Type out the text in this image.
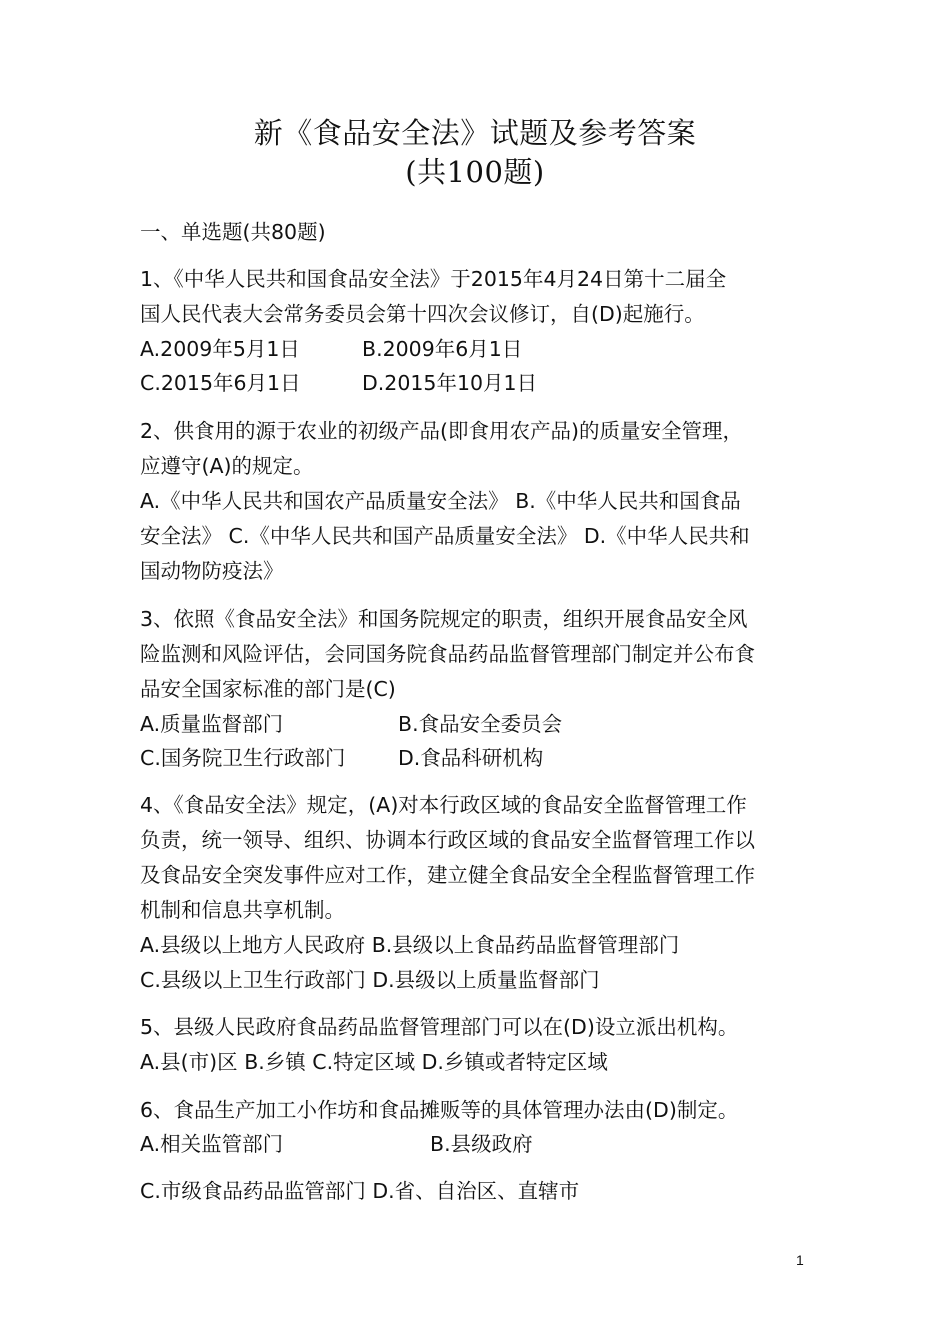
新《食品安全法》试题及参考答案
(共100题)
一、单选题(共80题)
1、《中华人民共和国食品安全法》于2015年4月24日第十二届全
国人民代表大会常务委员会第十四次会议修订，自(D)起施行。
A.2009年5月1日	B.2009年6月1日
C.2015年6月1日	D.2015年10月1日
2、供食用的源于农业的初级产品(即食用农产品)的质量安全管理，
应遵守(A)的规定。
A.《中华人民共和国农产品质量安全法》 B.《中华人民共和国食品
安全法》 C.《中华人民共和国产品质量安全法》 D.《中华人民共和
国动物防疫法》
3、依照《食品安全法》和国务院规定的职责，组织开展食品安全风
险监测和风险评估，会同国务院食品药品监督管理部门制定并公布食
品安全国家标准的部门是(C)
A.质量监督部门	B.食品安全委员会
C.国务院卫生行政部门	D.食品科研机构
4、《食品安全法》规定，(A)对本行政区域的食品安全监督管理工作
负责，统一领导、组织、协调本行政区域的食品安全监督管理工作以
及食品安全突发事件应对工作，建立健全食品安全全程监督管理工作
机制和信息共享机制。
A.县级以上地方人民政府 B.县级以上食品药品监督管理部门
C.县级以上卫生行政部门 D.县级以上质量监督部门
5、县级人民政府食品药品监督管理部门可以在(D)设立派出机构。
A.县(市)区 B.乡镇 C.特定区域 D.乡镇或者特定区域
6、食品生产加工小作坊和食品摊贩等的具体管理办法由(D)制定。
A.相关监管部门	B.县级政府
C.市级食品药品监管部门 D.省、自治区、直辖市
1
